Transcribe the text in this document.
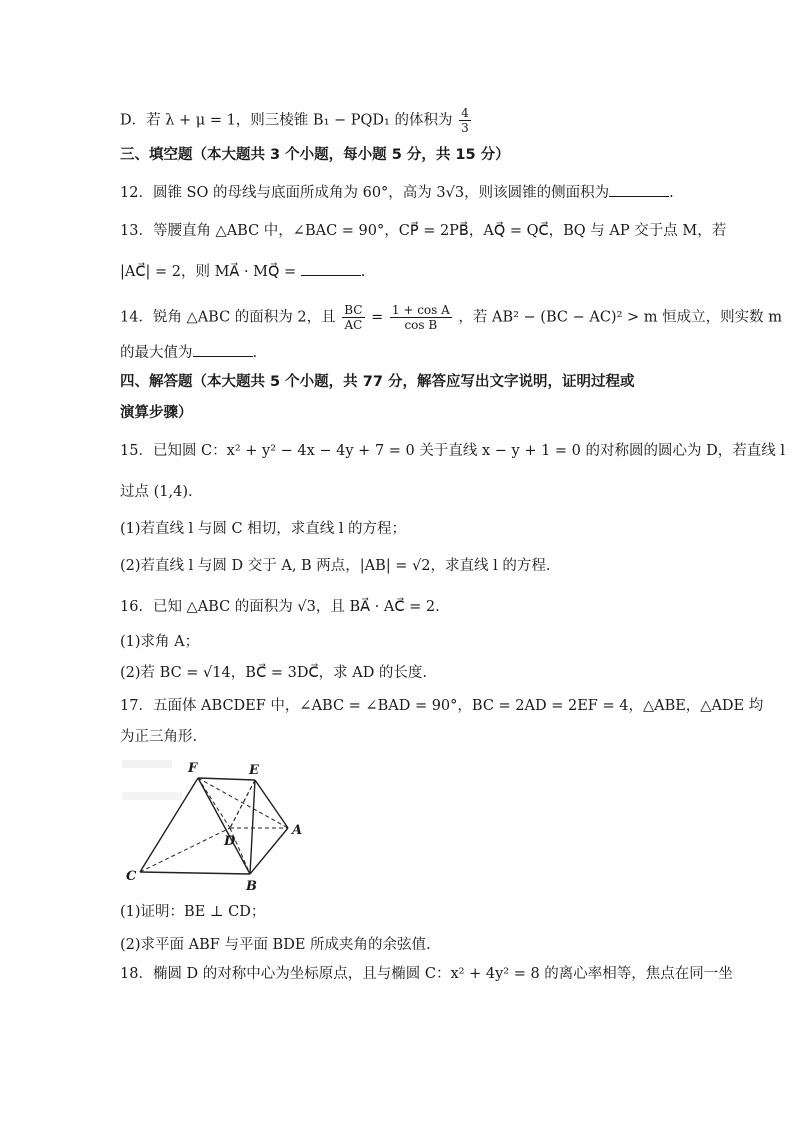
D．若 λ + μ = 1，则三棱锥 B₁ − PQD₁ 的体积为 $\frac{4}{3}$
三、填空题（本大题共 3 个小题，每小题 5 分，共 15 分）
12．圆锥 SO 的母线与底面所成角为 60°，高为 3√3，则该圆锥的侧面积为	.
13．等腰直角 △ABC 中，∠BAC = 90°，CP⃗ = 2PB⃗，AQ⃗ = QC⃗，BQ 与 AP 交于点 M，若
|AC⃗| = 2，则 MA⃗ · MQ⃗ =	.
14．锐角 △ABC 的面积为 2，且 $\frac{BC}{AC} = \frac{\text{1 + cos A}}{\text{cos B}}$ ，若 AB² − (BC − AC)² > m 恒成立，则实数 m
的最大值为	.
四、解答题（本大题共 5 个小题，共 77 分，解答应写出文字说明，证明过程或
演算步骤）
15．已知圆 C：x² + y² − 4x − 4y + 7 = 0 关于直线 x − y + 1 = 0 的对称圆的圆心为 D，若直线 l
过点 (1,4).
(1)若直线 l 与圆 C 相切，求直线 l 的方程；
(2)若直线 l 与圆 D 交于 A, B 两点，|AB| = √2，求直线 l 的方程.
16．已知 △ABC 的面积为 √3，且 BA⃗ · AC⃗ = 2.
(1)求角 A；
(2)若 BC = √14，BC⃗ = 3DC⃗，求 AD 的长度.
17．五面体 ABCDEF 中，∠ABC = ∠BAD = 90°，BC = 2AD = 2EF = 4，△ABE，△ADE 均
为正三角形.
F	E
A
D
C
B
(1)证明：BE ⊥ CD；
(2)求平面 ABF 与平面 BDE 所成夹角的余弦值.
18．椭圆 D 的对称中心为坐标原点，且与椭圆 C：x² + 4y² = 8 的离心率相等，焦点在同一坐
